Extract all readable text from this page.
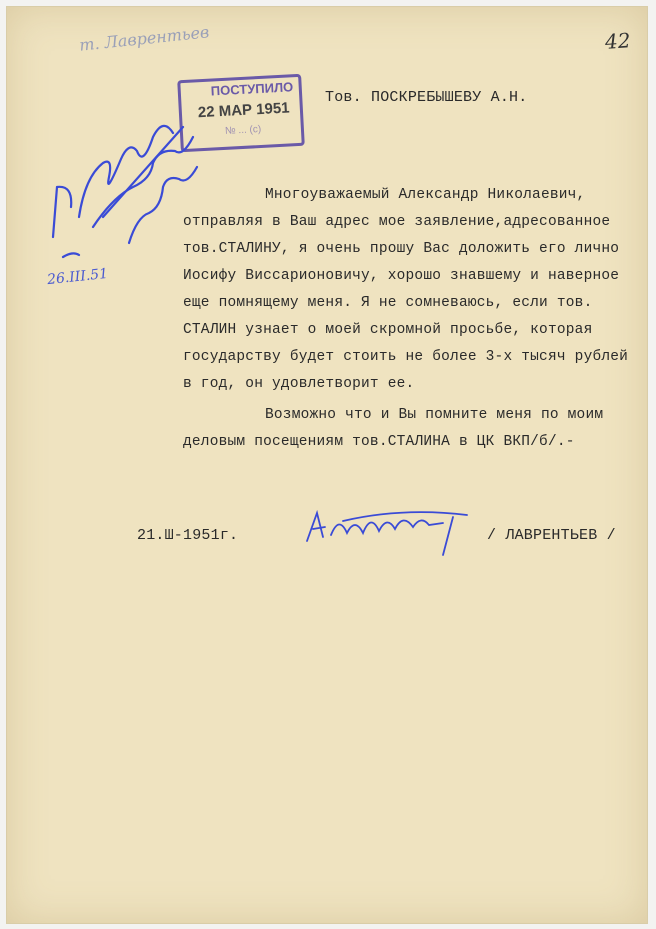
42
т. Лаврентьев
ПОСТУПИЛО
22 МАР 1951
№ ... (с)
26.III.51
Тов. ПОСКРЕБЫШЕВУ А.Н.
Многоуважаемый Александр Николаевич,
отправляя в Ваш адрес мое заявление,адресованное
тов.СТАЛИНУ, я очень прошу Вас доложить его лично
Иосифу Виссарионовичу, хорошо знавшему и наверное
еще помнящему меня. Я не сомневаюсь, если тов.
СТАЛИН узнает о моей скромной просьбе, которая
государству будет стоить не более 3-х тысяч рублей
в год, он удовлетворит ее.
Возможно что и Вы помните меня по моим
деловым посещениям тов.СТАЛИНА в ЦК ВКП/б/.-
21.Ш-1951г.	/ ЛАВРЕНТЬЕВ /
